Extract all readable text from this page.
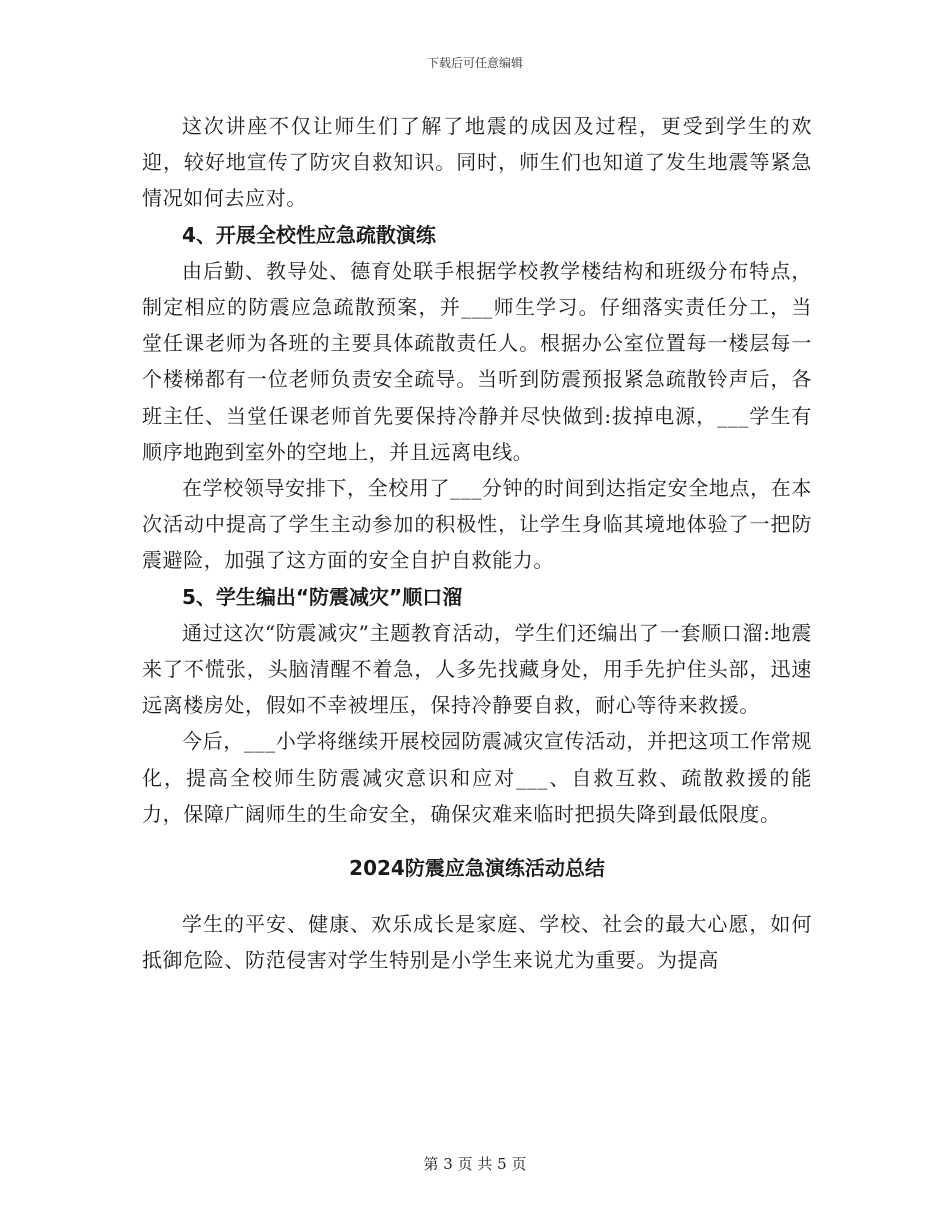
下载后可任意编辑

这次讲座不仅让师生们了解了地震的成因及过程，更受到学生的欢迎，较好地宣传了防灾自救知识。同时，师生们也知道了发生地震等紧急情况如何去应对。

4、开展全校性应急疏散演练

由后勤、教导处、德育处联手根据学校教学楼结构和班级分布特点，制定相应的防震应急疏散预案，并___师生学习。仔细落实责任分工，当堂任课老师为各班的主要具体疏散责任人。根据办公室位置每一楼层每一个楼梯都有一位老师负责安全疏导。当听到防震预报紧急疏散铃声后，各班主任、当堂任课老师首先要保持冷静并尽快做到:拔掉电源，___学生有顺序地跑到室外的空地上，并且远离电线。

在学校领导安排下，全校用了___分钟的时间到达指定安全地点，在本次活动中提高了学生主动参加的积极性，让学生身临其境地体验了一把防震避险，加强了这方面的安全自护自救能力。

5、学生编出“防震减灾”顺口溜

通过这次“防震减灾”主题教育活动，学生们还编出了一套顺口溜:地震来了不慌张，头脑清醒不着急，人多先找藏身处，用手先护住头部，迅速远离楼房处，假如不幸被埋压，保持冷静要自救，耐心等待来救援。

今后，___小学将继续开展校园防震减灾宣传活动，并把这项工作常规化，提高全校师生防震减灾意识和应对___、自救互救、疏散救援的能力，保障广阔师生的生命安全，确保灾难来临时把损失降到最低限度。

2024防震应急演练活动总结

学生的平安、健康、欢乐成长是家庭、学校、社会的最大心愿，如何抵御危险、防范侵害对学生特别是小学生来说尤为重要。为提高

第 3 页 共 5 页
